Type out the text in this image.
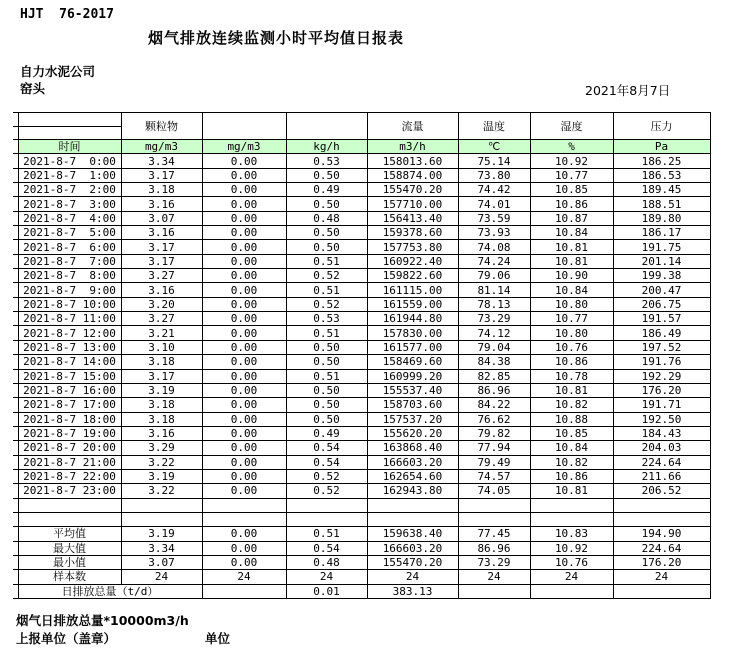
HJT  76-2017
烟气排放连续监测小时平均值日报表
自力水泥公司
窑头	2021年8月7日
		颗粒物			流量	温度	湿度	压力

	时间	mg/m3	mg/m3	kg/h	m3/h	℃	%	Pa
	2021-8-7  0:00	3.34	0.00	0.53	158013.60	75.14	10.92	186.25
	2021-8-7  1:00	3.17	0.00	0.50	158874.00	73.80	10.77	186.53
	2021-8-7  2:00	3.18	0.00	0.49	155470.20	74.42	10.85	189.45
	2021-8-7  3:00	3.16	0.00	0.50	157710.00	74.01	10.86	188.51
	2021-8-7  4:00	3.07	0.00	0.48	156413.40	73.59	10.87	189.80
	2021-8-7  5:00	3.16	0.00	0.50	159378.60	73.93	10.84	186.17
	2021-8-7  6:00	3.17	0.00	0.50	157753.80	74.08	10.81	191.75
	2021-8-7  7:00	3.17	0.00	0.51	160922.40	74.24	10.81	201.14
	2021-8-7  8:00	3.27	0.00	0.52	159822.60	79.06	10.90	199.38
	2021-8-7  9:00	3.16	0.00	0.51	161115.00	81.14	10.84	200.47
	2021-8-7 10:00	3.20	0.00	0.52	161559.00	78.13	10.80	206.75
	2021-8-7 11:00	3.27	0.00	0.53	161944.80	73.29	10.77	191.57
	2021-8-7 12:00	3.21	0.00	0.51	157830.00	74.12	10.80	186.49
	2021-8-7 13:00	3.10	0.00	0.50	161577.00	79.04	10.76	197.52
	2021-8-7 14:00	3.18	0.00	0.50	158469.60	84.38	10.86	191.76
	2021-8-7 15:00	3.17	0.00	0.51	160999.20	82.85	10.78	192.29
	2021-8-7 16:00	3.19	0.00	0.50	155537.40	86.96	10.81	176.20
	2021-8-7 17:00	3.18	0.00	0.50	158703.60	84.22	10.82	191.71
	2021-8-7 18:00	3.18	0.00	0.50	157537.20	76.62	10.88	192.50
	2021-8-7 19:00	3.16	0.00	0.49	155620.20	79.82	10.85	184.43
	2021-8-7 20:00	3.29	0.00	0.54	163868.40	77.94	10.84	204.03
	2021-8-7 21:00	3.22	0.00	0.54	166603.20	79.49	10.82	224.64
	2021-8-7 22:00	3.19	0.00	0.52	162654.60	74.57	10.86	211.66
	2021-8-7 23:00	3.22	0.00	0.52	162943.80	74.05	10.81	206.52

	平均值	3.19	0.00	0.51	159638.40	77.45	10.83	194.90
	最大值	3.34	0.00	0.54	166603.20	86.96	10.92	224.64
	最小值	3.07	0.00	0.48	155470.20	73.29	10.76	176.20
	样本数	24	24	24	24	24	24	24
	日排放总量（t/d）			0.01	383.13			
烟气日排放总量*10000m3/h
上报单位（盖章）	单位
